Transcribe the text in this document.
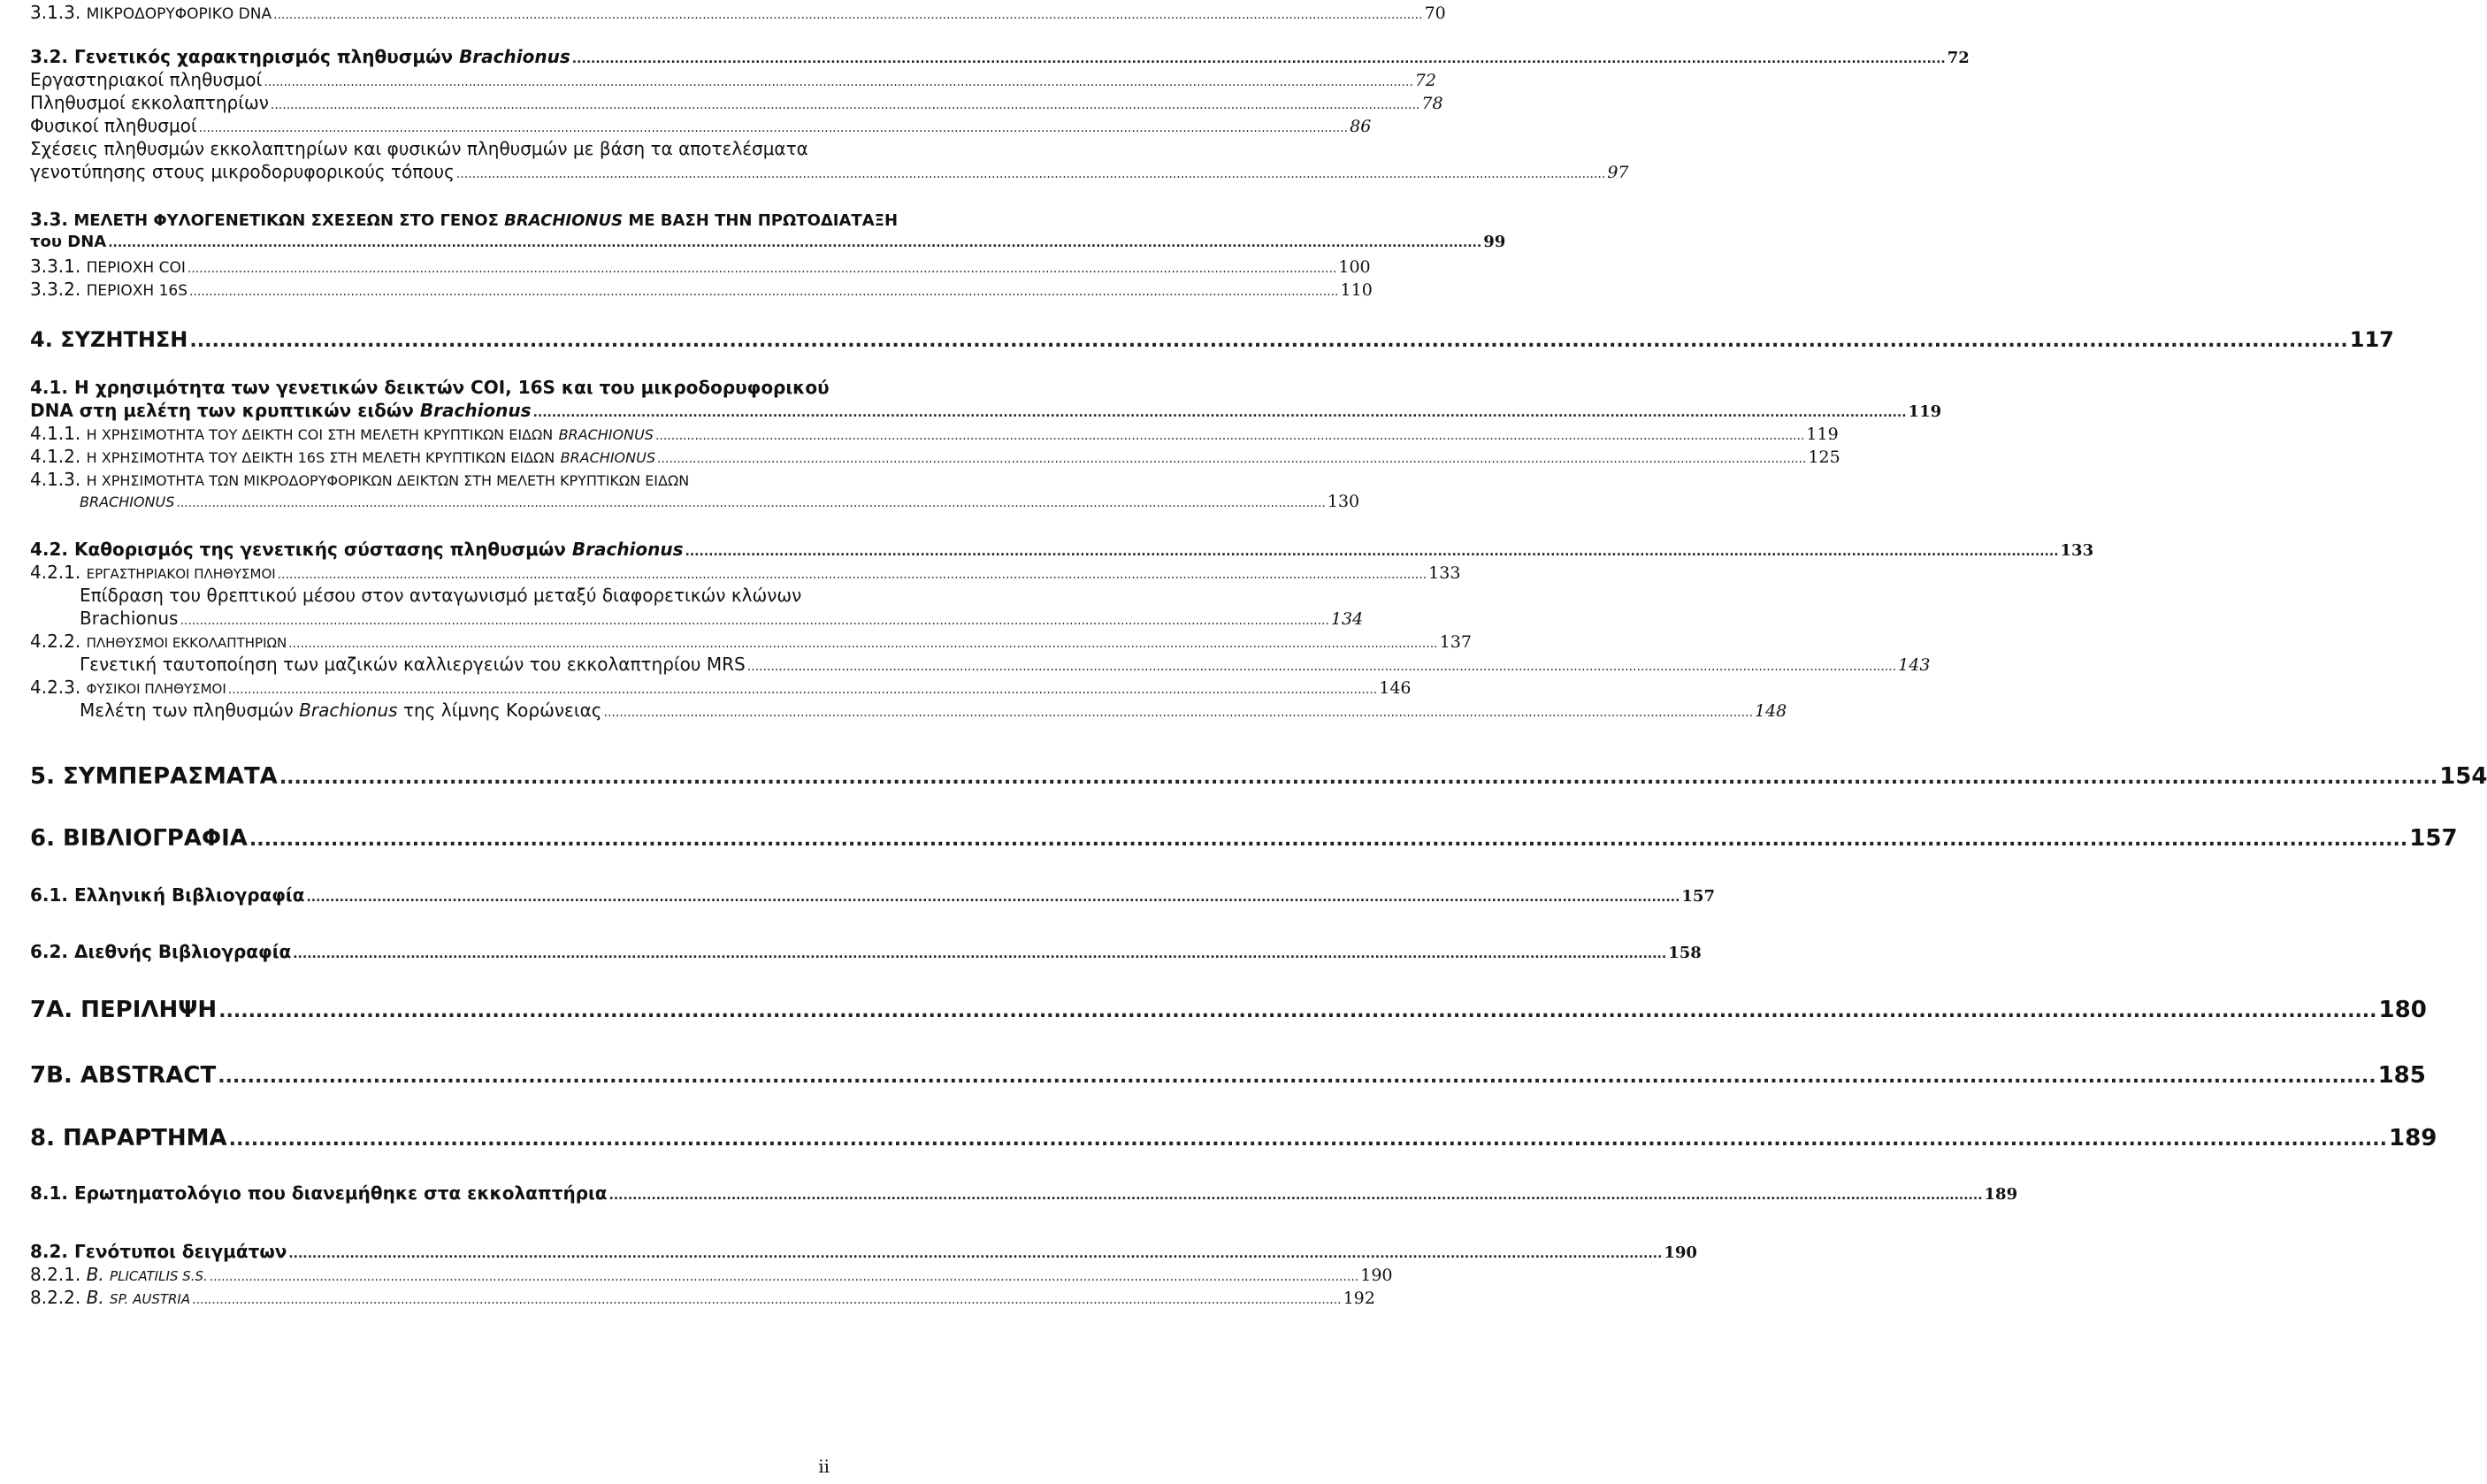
3.1.3. ΜΙΚΡΟΔΟΡΥΦΟΡΙΚΟ DNA .....	70
3.2. Γενετικός χαρακτηρισμός πληθυσμών Brachionus .....	72
Εργαστηριακοί πληθυσμοί .....	72
Πληθυσμοί εκκολαπτηρίων .....	78
Φυσικοί πληθυσμοί .....	86
Σχέσεις πληθυσμών εκκολαπτηρίων και φυσικών πληθυσμών με βάση τα αποτελέσματα
γενοτύπησης στους μικροδορυφορικούς τόπους .....	97
3.3. ΜΕΛΕΤΗ ΦΥΛΟΓΕΝΕΤΙΚΩΝ ΣΧΕΣΕΩΝ ΣΤΟ ΓΕΝΟΣ BRACHIONUS ΜΕ ΒΑΣΗ ΤΗΝ ΠΡΩΤΟΔΙΑΤΑΞΗ
του DNA .....	99
3.3.1. ΠΕΡΙΟΧΗ COI .....	100
3.3.2. ΠΕΡΙΟΧΗ 16S .....	110
4. ΣΥΖΗΤΗΣΗ .....	117
4.1. Η χρησιμότητα των γενετικών δεικτών COI, 16S και του μικροδορυφορικού
DNA στη μελέτη των κρυπτικών ειδών Brachionus .....	119
4.1.1. Η ΧΡΗΣΙΜΟΤΗΤΑ ΤΟΥ ΔΕΙΚΤΗ COI ΣΤΗ ΜΕΛΕΤΗ ΚΡΥΠΤΙΚΩΝ ΕΙΔΩΝ BRACHIONUS .....	119
4.1.2. Η ΧΡΗΣΙΜΟΤΗΤΑ ΤΟΥ ΔΕΙΚΤΗ 16S ΣΤΗ ΜΕΛΕΤΗ ΚΡΥΠΤΙΚΩΝ ΕΙΔΩΝ BRACHIONUS .....	125
4.1.3. Η ΧΡΗΣΙΜΟΤΗΤΑ ΤΩΝ ΜΙΚΡΟΔΟΡΥΦΟΡΙΚΩΝ ΔΕΙΚΤΩΝ ΣΤΗ ΜΕΛΕΤΗ ΚΡΥΠΤΙΚΩΝ ΕΙΔΩΝ
BRACHIONUS .....	130
4.2. Καθορισμός της γενετικής σύστασης πληθυσμών Brachionus .....	133
4.2.1. ΕΡΓΑΣΤΗΡΙΑΚΟΙ ΠΛΗΘΥΣΜΟΙ .....	133
Επίδραση του θρεπτικού μέσου στον ανταγωνισμό μεταξύ διαφορετικών κλώνων
Brachionus .....	134
4.2.2. ΠΛΗΘΥΣΜΟΙ ΕΚΚΟΛΑΠΤΗΡΙΩΝ .....	137
Γενετική ταυτοποίηση των μαζικών καλλιεργειών του εκκολαπτηρίου MRS .....	143
4.2.3. ΦΥΣΙΚΟΙ ΠΛΗΘΥΣΜΟΙ .....	146
Μελέτη των πληθυσμών Brachionus της λίμνης Κορώνειας .....	148
5. ΣΥΜΠΕΡΑΣΜΑΤΑ .....	154
6. ΒΙΒΛΙΟΓΡΑΦΙΑ .....	157
6.1. Ελληνική Βιβλιογραφία .....	157
6.2. Διεθνής Βιβλιογραφία .....	158
7Α. ΠΕΡΙΛΗΨΗ .....	180
7Β. ABSTRACT .....	185
8. ΠΑΡΑΡΤΗΜΑ .....	189
8.1. Ερωτηματολόγιο που διανεμήθηκε στα εκκολαπτήρια .....	189
8.2. Γενότυποι δειγμάτων .....	190
8.2.1. B. PLICATILIS S.S. .....	190
8.2.2. B. SP. AUSTRIA .....	192
ii
